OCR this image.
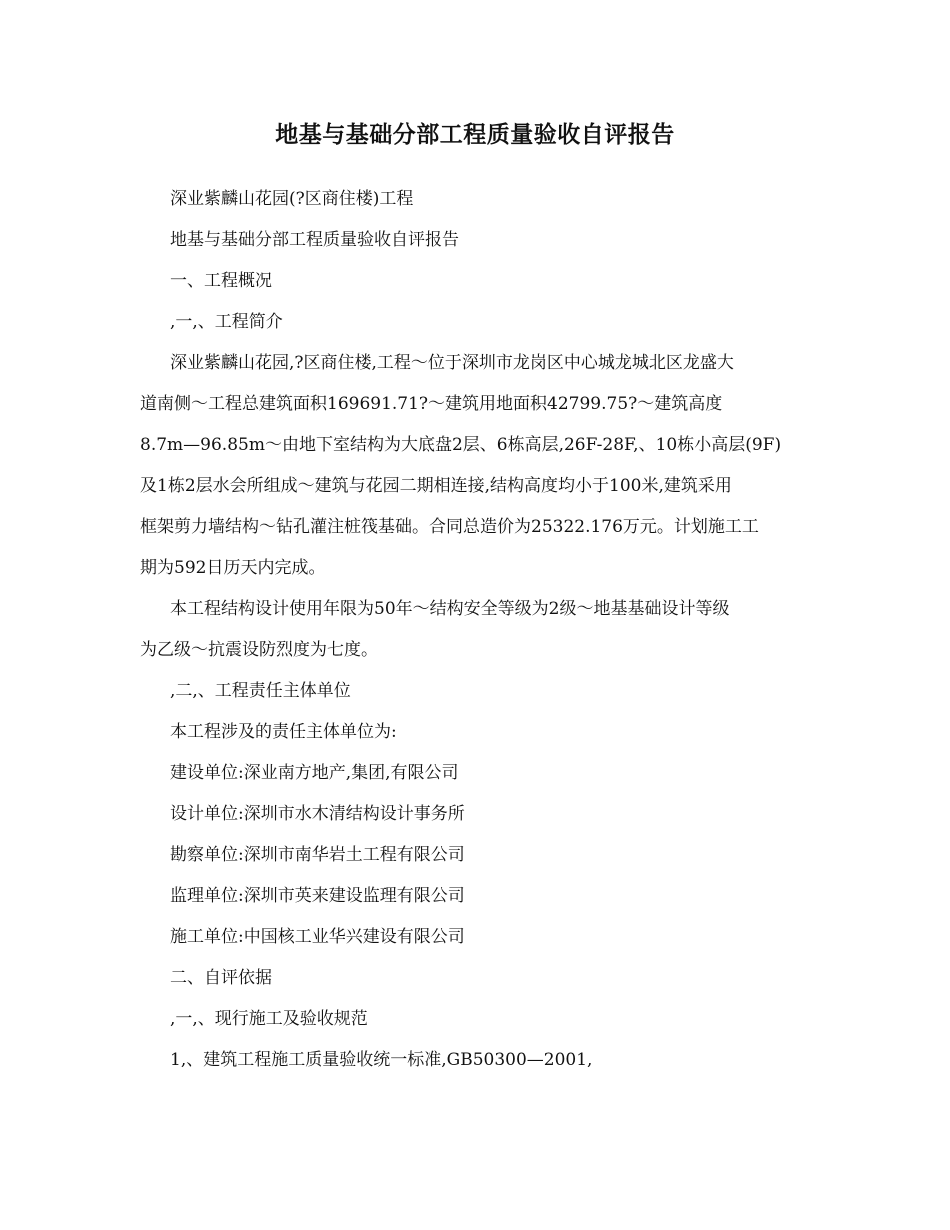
地基与基础分部工程质量验收自评报告
深业紫麟山花园(?区商住楼)工程
地基与基础分部工程质量验收自评报告
一、工程概况
,一,、工程简介
深业紫麟山花园,?区商住楼,工程～位于深圳市龙岗区中心城龙城北区龙盛大
道南侧～工程总建筑面积169691.71?～建筑用地面积42799.75?～建筑高度
8.7m—96.85m～由地下室结构为大底盘2层、6栋高层,26F-28F,、10栋小高层(9F)
及1栋2层水会所组成～建筑与花园二期相连接,结构高度均小于100米,建筑采用
框架剪力墙结构～钻孔灌注桩筏基础。合同总造价为25322.176万元。计划施工工
期为592日历天内完成。
本工程结构设计使用年限为50年～结构安全等级为2级～地基基础设计等级
为乙级～抗震设防烈度为七度。
,二,、工程责任主体单位
本工程涉及的责任主体单位为:
建设单位:深业南方地产,集团,有限公司
设计单位:深圳市水木清结构设计事务所
勘察单位:深圳市南华岩土工程有限公司
监理单位:深圳市英来建设监理有限公司
施工单位:中国核工业华兴建设有限公司
二、自评依据
,一,、现行施工及验收规范
1,、建筑工程施工质量验收统一标准,GB50300—2001,
